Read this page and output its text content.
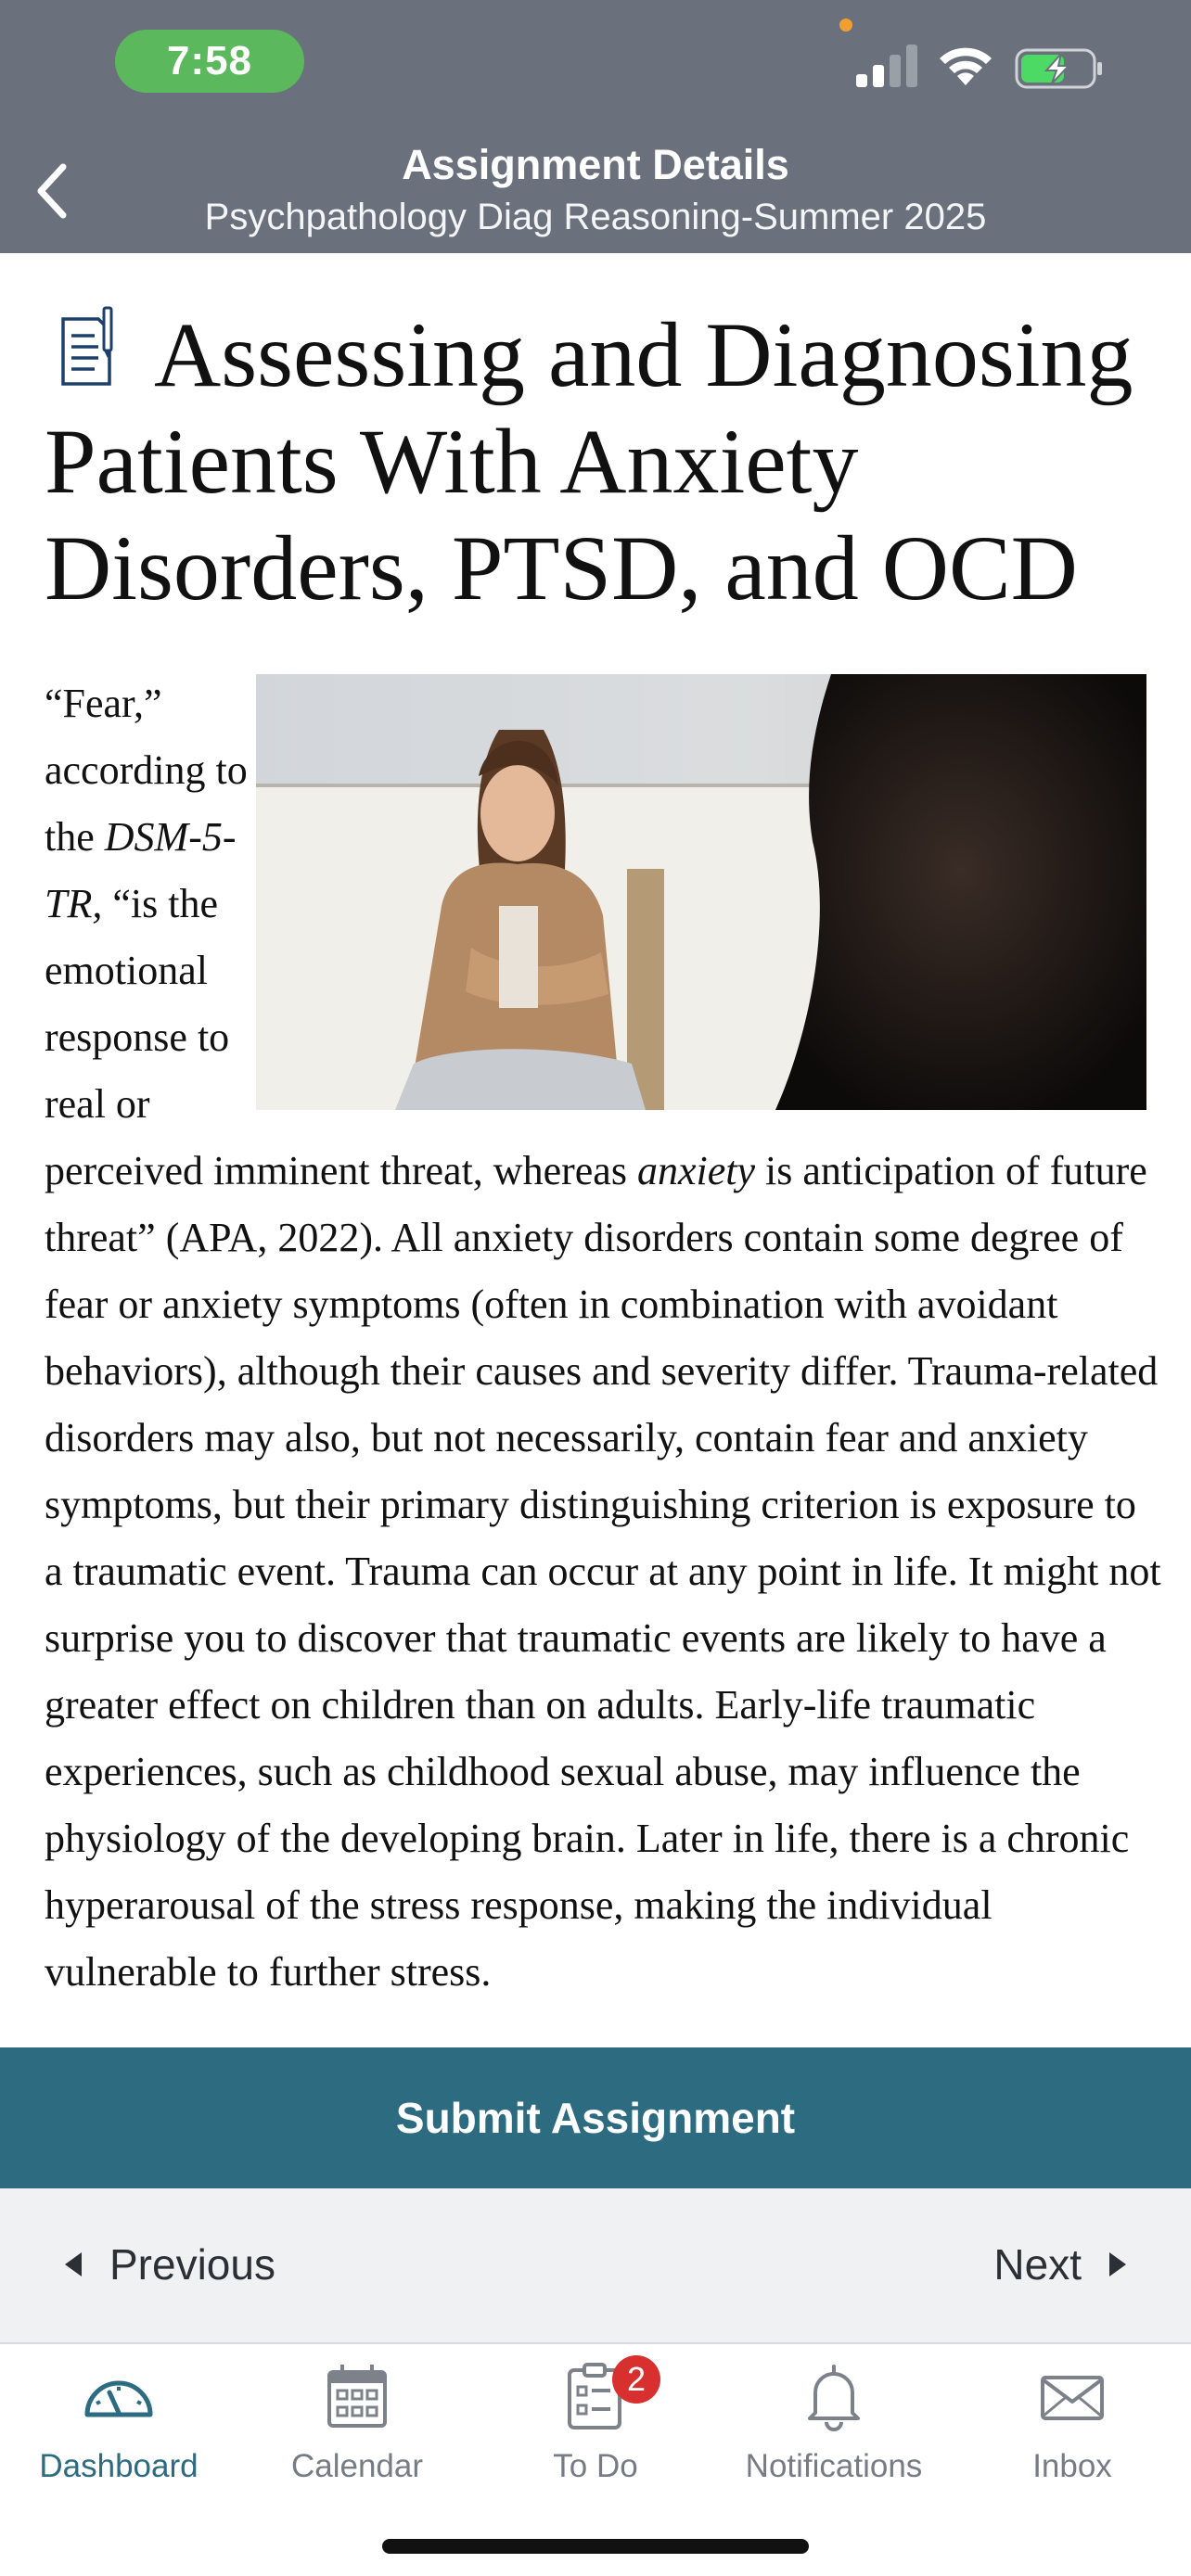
7:58
Assignment Details
Psychpathology Diag Reasoning-Summer 2025
Assessing and Diagnosing Patients With Anxiety Disorders, PTSD, and OCD
“Fear,” according to the DSM-5-TR, “is the emotional response to real or perceived imminent threat, whereas anxiety is anticipation of future threat” (APA, 2022). All anxiety disorders contain some degree of fear or anxiety symptoms (often in combination with avoidant behaviors), although their causes and severity differ. Trauma-related disorders may also, but not necessarily, contain fear and anxiety symptoms, but their primary distinguishing criterion is exposure to a traumatic event. Trauma can occur at any point in life. It might not surprise you to discover that traumatic events are likely to have a greater effect on children than on adults. Early-life traumatic experiences, such as childhood sexual abuse, may influence the physiology of the developing brain. Later in life, there is a chronic hyperarousal of the stress response, making the individual vulnerable to further stress.
Submit Assignment
Previous	Next
Dashboard	Calendar	To Do
2
Notifications	Inbox
